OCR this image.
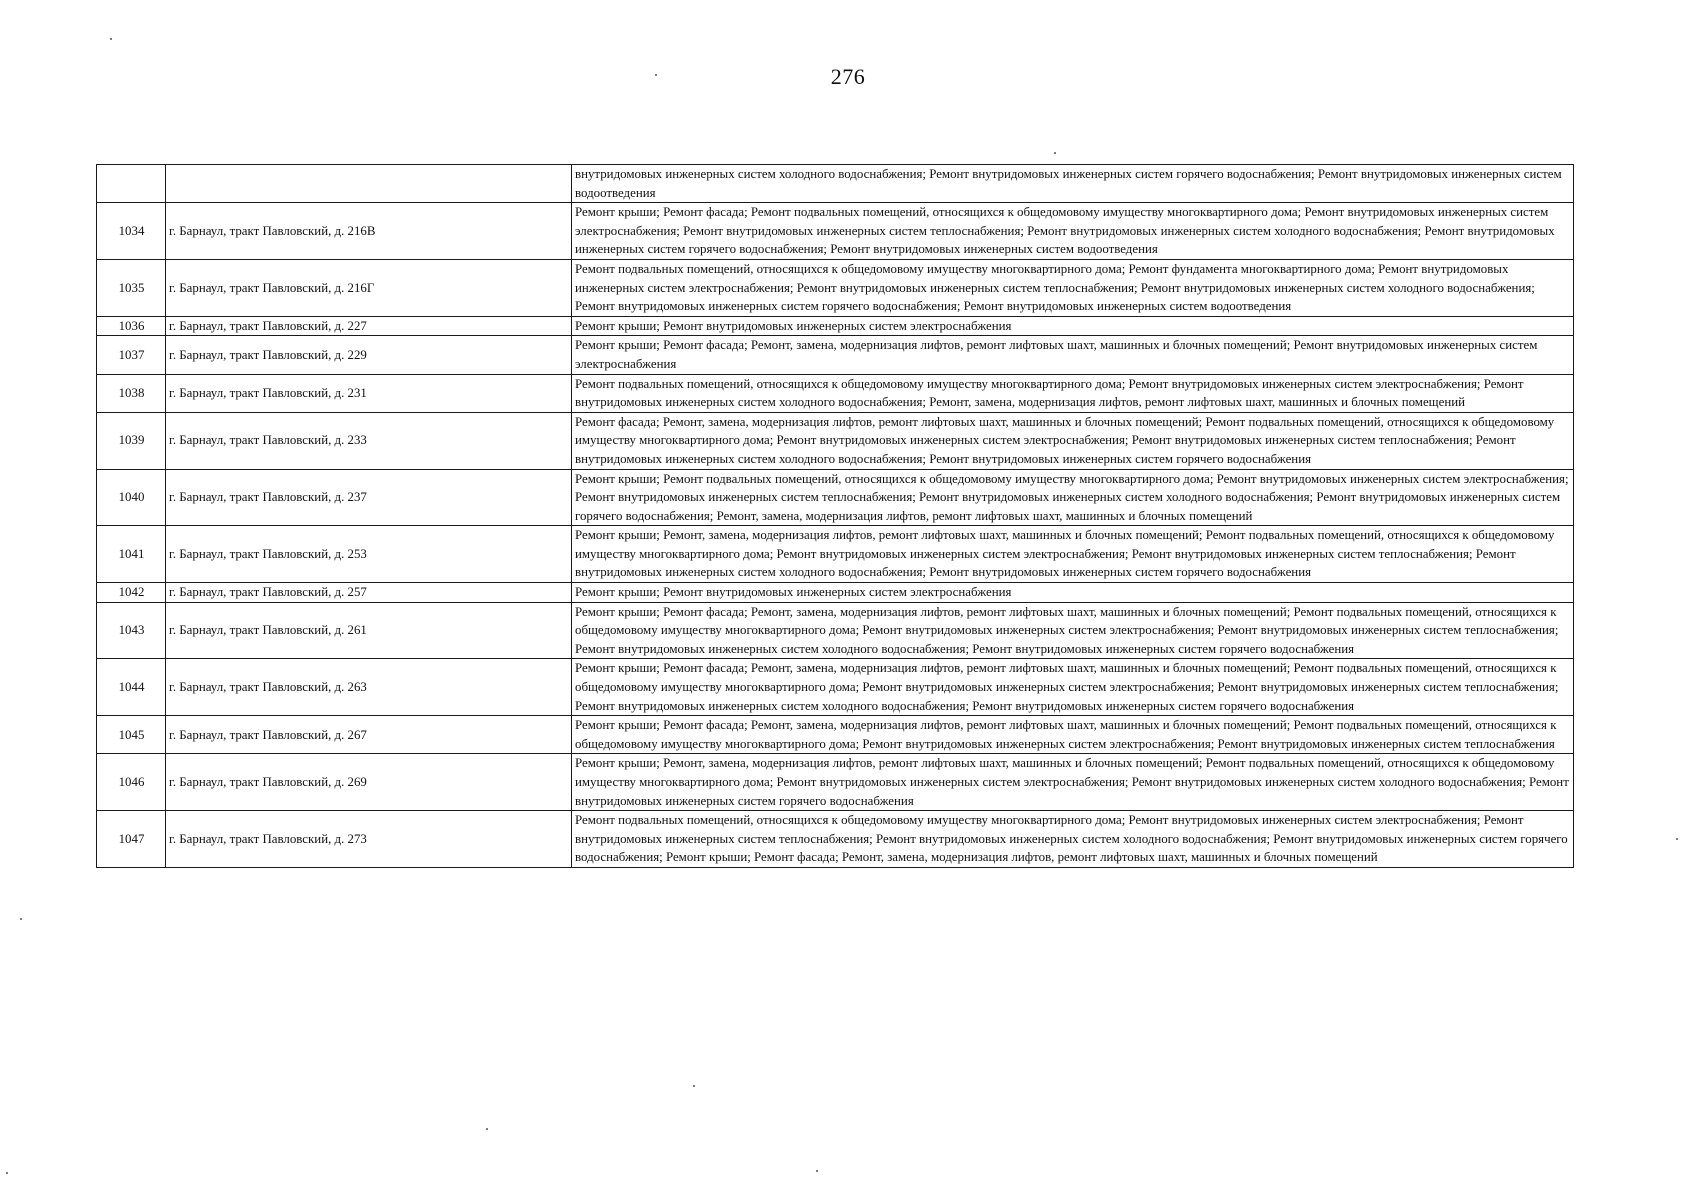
276
		внутридомовых инженерных систем холодного водоснабжения; Ремонт внутридомовых инженерных систем горячего водоснабжения; Ремонт внутридомовых инженерных систем водоотведения
1034	г. Барнаул, тракт Павловский, д. 216В	Ремонт крыши; Ремонт фасада; Ремонт подвальных помещений, относящихся к общедомовому имуществу многоквартирного дома; Ремонт внутридомовых инженерных систем электроснабжения; Ремонт внутридомовых инженерных систем теплоснабжения; Ремонт внутридомовых инженерных систем холодного водоснабжения; Ремонт внутридомовых инженерных систем горячего водоснабжения; Ремонт внутридомовых инженерных систем водоотведения
1035	г. Барнаул, тракт Павловский, д. 216Г	Ремонт подвальных помещений, относящихся к общедомовому имуществу многоквартирного дома; Ремонт фундамента многоквартирного дома; Ремонт внутридомовых инженерных систем электроснабжения; Ремонт внутридомовых инженерных систем теплоснабжения; Ремонт внутридомовых инженерных систем холодного водоснабжения; Ремонт внутридомовых инженерных систем горячего водоснабжения; Ремонт внутридомовых инженерных систем водоотведения
1036	г. Барнаул, тракт Павловский, д. 227	Ремонт крыши; Ремонт внутридомовых инженерных систем электроснабжения
1037	г. Барнаул, тракт Павловский, д. 229	Ремонт крыши; Ремонт фасада; Ремонт, замена, модернизация лифтов, ремонт лифтовых шахт, машинных и блочных помещений; Ремонт внутридомовых инженерных систем электроснабжения
1038	г. Барнаул, тракт Павловский, д. 231	Ремонт подвальных помещений, относящихся к общедомовому имуществу многоквартирного дома; Ремонт внутридомовых инженерных систем электроснабжения; Ремонт внутридомовых инженерных систем холодного водоснабжения; Ремонт, замена, модернизация лифтов, ремонт лифтовых шахт, машинных и блочных помещений
1039	г. Барнаул, тракт Павловский, д. 233	Ремонт фасада; Ремонт, замена, модернизация лифтов, ремонт лифтовых шахт, машинных и блочных помещений; Ремонт подвальных помещений, относящихся к общедомовому имуществу многоквартирного дома; Ремонт внутридомовых инженерных систем электроснабжения; Ремонт внутридомовых инженерных систем теплоснабжения; Ремонт внутридомовых инженерных систем холодного водоснабжения; Ремонт внутридомовых инженерных систем горячего водоснабжения
1040	г. Барнаул, тракт Павловский, д. 237	Ремонт крыши; Ремонт подвальных помещений, относящихся к общедомовому имуществу многоквартирного дома; Ремонт внутридомовых инженерных систем электроснабжения; Ремонт внутридомовых инженерных систем теплоснабжения; Ремонт внутридомовых инженерных систем холодного водоснабжения; Ремонт внутридомовых инженерных систем горячего водоснабжения; Ремонт, замена, модернизация лифтов, ремонт лифтовых шахт, машинных и блочных помещений
1041	г. Барнаул, тракт Павловский, д. 253	Ремонт крыши; Ремонт, замена, модернизация лифтов, ремонт лифтовых шахт, машинных и блочных помещений; Ремонт подвальных помещений, относящихся к общедомовому имуществу многоквартирного дома; Ремонт внутридомовых инженерных систем электроснабжения; Ремонт внутридомовых инженерных систем теплоснабжения; Ремонт внутридомовых инженерных систем холодного водоснабжения; Ремонт внутридомовых инженерных систем горячего водоснабжения
1042	г. Барнаул, тракт Павловский, д. 257	Ремонт крыши; Ремонт внутридомовых инженерных систем электроснабжения
1043	г. Барнаул, тракт Павловский, д. 261	Ремонт крыши; Ремонт фасада; Ремонт, замена, модернизация лифтов, ремонт лифтовых шахт, машинных и блочных помещений; Ремонт подвальных помещений, относящихся к общедомовому имуществу многоквартирного дома; Ремонт внутридомовых инженерных систем электроснабжения; Ремонт внутридомовых инженерных систем теплоснабжения; Ремонт внутридомовых инженерных систем холодного водоснабжения; Ремонт внутридомовых инженерных систем горячего водоснабжения
1044	г. Барнаул, тракт Павловский, д. 263	Ремонт крыши; Ремонт фасада; Ремонт, замена, модернизация лифтов, ремонт лифтовых шахт, машинных и блочных помещений; Ремонт подвальных помещений, относящихся к общедомовому имуществу многоквартирного дома; Ремонт внутридомовых инженерных систем электроснабжения; Ремонт внутридомовых инженерных систем теплоснабжения; Ремонт внутридомовых инженерных систем холодного водоснабжения; Ремонт внутридомовых инженерных систем горячего водоснабжения
1045	г. Барнаул, тракт Павловский, д. 267	Ремонт крыши; Ремонт фасада; Ремонт, замена, модернизация лифтов, ремонт лифтовых шахт, машинных и блочных помещений; Ремонт подвальных помещений, относящихся к общедомовому имуществу многоквартирного дома; Ремонт внутридомовых инженерных систем электроснабжения; Ремонт внутридомовых инженерных систем теплоснабжения
1046	г. Барнаул, тракт Павловский, д. 269	Ремонт крыши; Ремонт, замена, модернизация лифтов, ремонт лифтовых шахт, машинных и блочных помещений; Ремонт подвальных помещений, относящихся к общедомовому имуществу многоквартирного дома; Ремонт внутридомовых инженерных систем электроснабжения; Ремонт внутридомовых инженерных систем холодного водоснабжения; Ремонт внутридомовых инженерных систем горячего водоснабжения
1047	г. Барнаул, тракт Павловский, д. 273	Ремонт подвальных помещений, относящихся к общедомовому имуществу многоквартирного дома; Ремонт внутридомовых инженерных систем электроснабжения; Ремонт внутридомовых инженерных систем теплоснабжения; Ремонт внутридомовых инженерных систем холодного водоснабжения; Ремонт внутридомовых инженерных систем горячего водоснабжения; Ремонт крыши; Ремонт фасада; Ремонт, замена, модернизация лифтов, ремонт лифтовых шахт, машинных и блочных помещений
